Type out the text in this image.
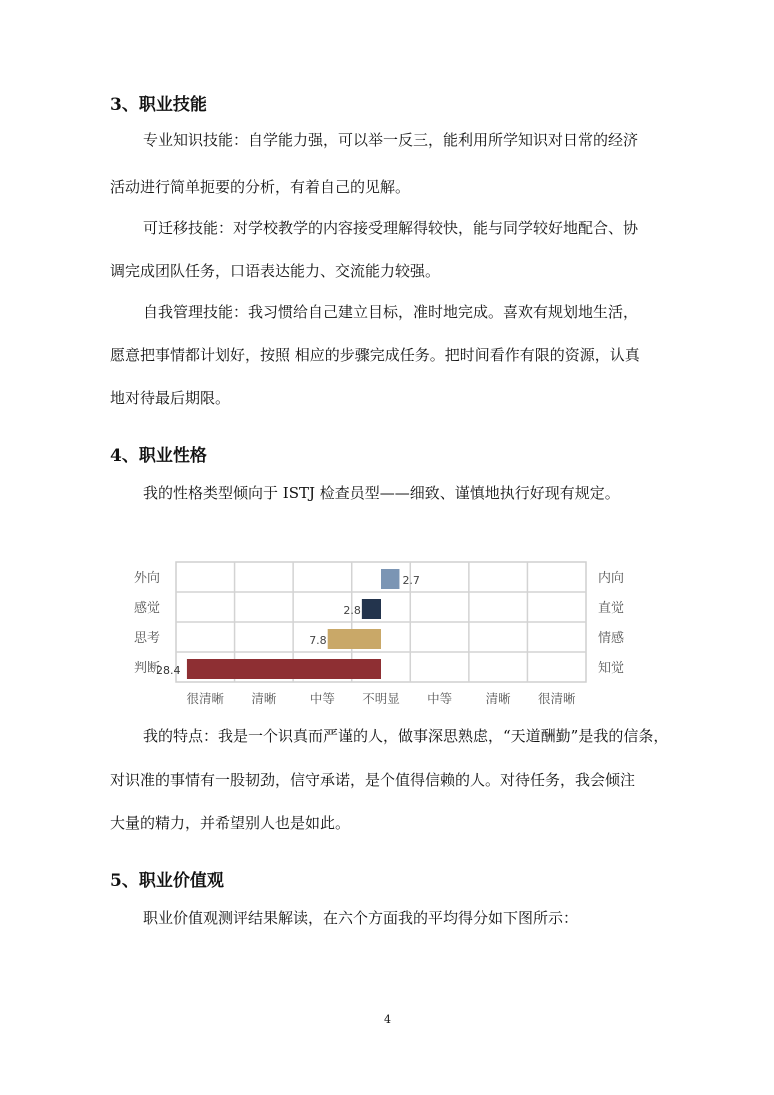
3、职业技能

专业知识技能：自学能力强，可以举一反三，能利用所学知识对日常的经济

活动进行简单扼要的分析，有着自己的见解。

可迁移技能：对学校教学的内容接受理解得较快，能与同学较好地配合、协

调完成团队任务，口语表达能力、交流能力较强。

自我管理技能：我习惯给自己建立目标，准时地完成。喜欢有规划地生活，

愿意把事情都计划好，按照 相应的步骤完成任务。把时间看作有限的资源，认真

地对待最后期限。

4、职业性格

我的性格类型倾向于 ISTJ 检查员型——细致、谨慎地执行好现有规定。

2.7
外向	内向
2.8
感觉	直觉
7.8
思考	情感
28.4
判断	知觉
很清晰 清晰	中等 不明显 中等	清晰 很清晰

我的特点：我是一个识真而严谨的人，做事深思熟虑，“天道酬勤”是我的信条，

对识准的事情有一股韧劲，信守承诺，是个值得信赖的人。对待任务，我会倾注

大量的精力，并希望别人也是如此。

5、职业价值观

职业价值观测评结果解读，在六个方面我的平均得分如下图所示：

4
